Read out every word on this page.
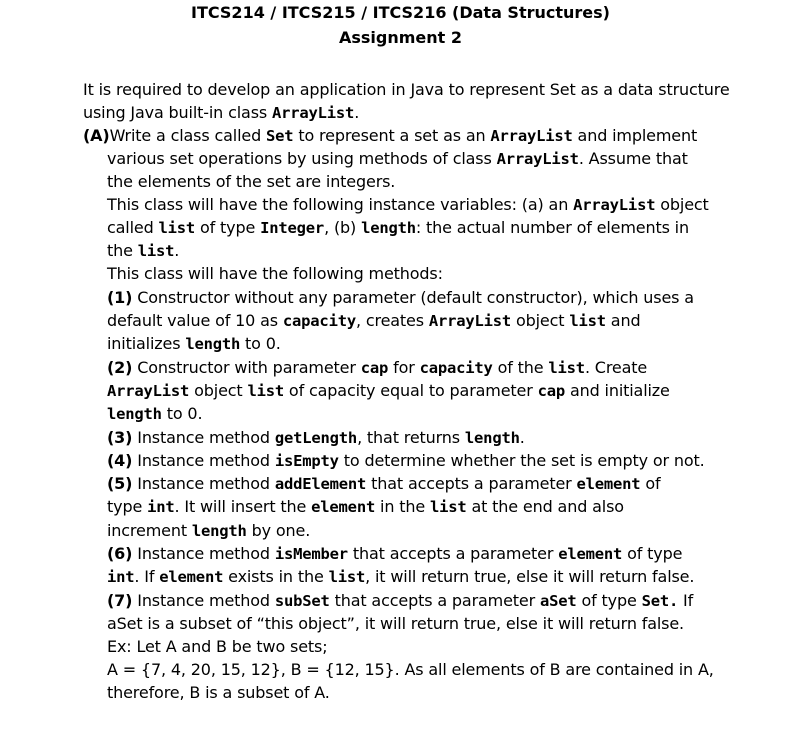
ITCS214 / ITCS215 / ITCS216 (Data Structures)
Assignment 2
It is required to develop an application in Java to represent Set as a data structure
using Java built-in class ArrayList.
(A)Write a class called Set to represent a set as an ArrayList and implement
various set operations by using methods of class ArrayList. Assume that
the elements of the set are integers.
This class will have the following instance variables: (a) an ArrayList object
called list of type Integer, (b) length: the actual number of elements in
the list.
This class will have the following methods:
(1) Constructor without any parameter (default constructor), which uses a
default value of 10 as capacity, creates ArrayList object list and
initializes length to 0.
(2) Constructor with parameter cap for capacity of the list. Create
ArrayList object list of capacity equal to parameter cap and initialize
length to 0.
(3) Instance method getLength, that returns length.
(4) Instance method isEmpty to determine whether the set is empty or not.
(5) Instance method addElement that accepts a parameter element of
type int. It will insert the element in the list at the end and also
increment length by one.
(6) Instance method isMember that accepts a parameter element of type
int. If element exists in the list, it will return true, else it will return false.
(7) Instance method subSet that accepts a parameter aSet of type Set. If
aSet is a subset of “this object”, it will return true, else it will return false.
Ex: Let A and B be two sets;
A = {7, 4, 20, 15, 12}, B = {12, 15}. As all elements of B are contained in A,
therefore, B is a subset of A.
